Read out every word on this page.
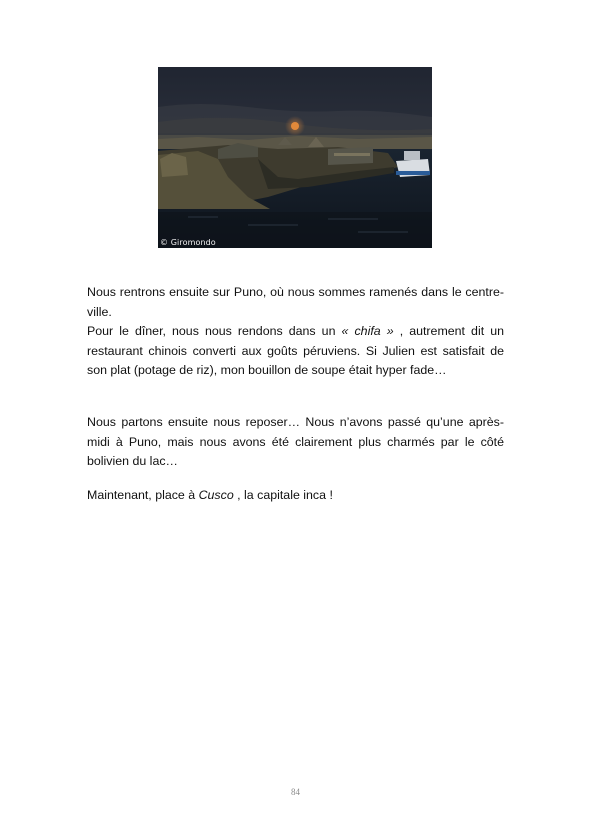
© Giromondo

Nous rentrons ensuite sur Puno, où nous sommes ramenés dans le centre-ville.

Pour le dîner, nous nous rendons dans un « chifa » , autrement dit un restaurant chinois converti aux goûts péruviens. Si Julien est satisfait de son plat (potage de riz), mon bouillon de soupe était hyper fade…

Nous partons ensuite nous reposer… Nous n’avons passé qu’une après-midi à Puno, mais nous avons été clairement plus charmés par le côté bolivien du lac…

Maintenant, place à Cusco , la capitale inca !

84
